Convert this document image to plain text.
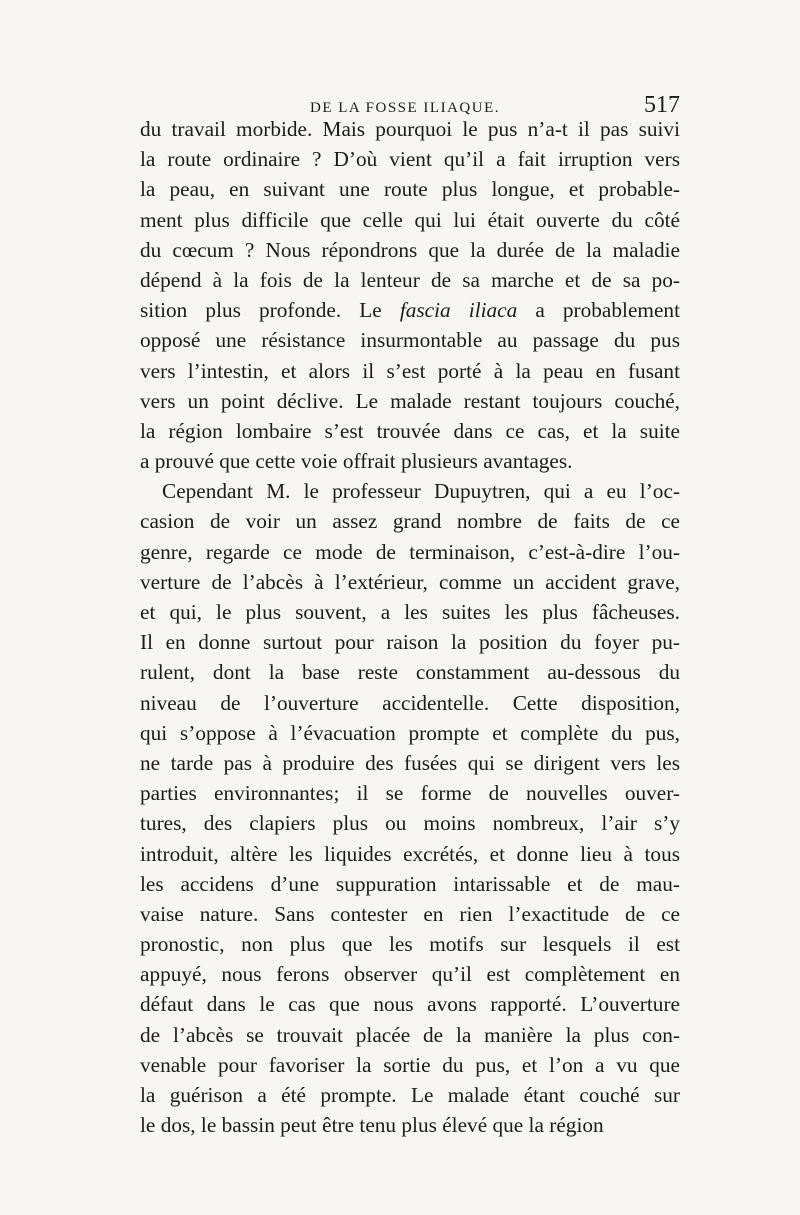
DE LA FOSSE ILIAQUE.	517
du travail morbide. Mais pourquoi le pus n’a-t il pas suivi
la route ordinaire ? D’où vient qu’il a fait irruption vers
la peau, en suivant une route plus longue, et probable-
ment plus difficile que celle qui lui était ouverte du côté
du cœcum ? Nous répondrons que la durée de la maladie
dépend à la fois de la lenteur de sa marche et de sa po-
sition plus profonde. Le fascia iliaca a probablement
opposé une résistance insurmontable au passage du pus
vers l’intestin, et alors il s’est porté à la peau en fusant
vers un point déclive. Le malade restant toujours couché,
la région lombaire s’est trouvée dans ce cas, et la suite
a prouvé que cette voie offrait plusieurs avantages.
Cependant M. le professeur Dupuytren, qui a eu l’oc-
casion de voir un assez grand nombre de faits de ce
genre, regarde ce mode de terminaison, c’est-à-dire l’ou-
verture de l’abcès à l’extérieur, comme un accident grave,
et qui, le plus souvent, a les suites les plus fâcheuses.
Il en donne surtout pour raison la position du foyer pu-
rulent, dont la base reste constamment au-dessous du
niveau de l’ouverture accidentelle. Cette disposition,
qui s’oppose à l’évacuation prompte et complète du pus,
ne tarde pas à produire des fusées qui se dirigent vers les
parties environnantes; il se forme de nouvelles ouver-
tures, des clapiers plus ou moins nombreux, l’air s’y
introduit, altère les liquides excrétés, et donne lieu à tous
les accidens d’une suppuration intarissable et de mau-
vaise nature. Sans contester en rien l’exactitude de ce
pronostic, non plus que les motifs sur lesquels il est
appuyé, nous ferons observer qu’il est complètement en
défaut dans le cas que nous avons rapporté. L’ouverture
de l’abcès se trouvait placée de la manière la plus con-
venable pour favoriser la sortie du pus, et l’on a vu que
la guérison a été prompte. Le malade étant couché sur
le dos, le bassin peut être tenu plus élevé que la région
